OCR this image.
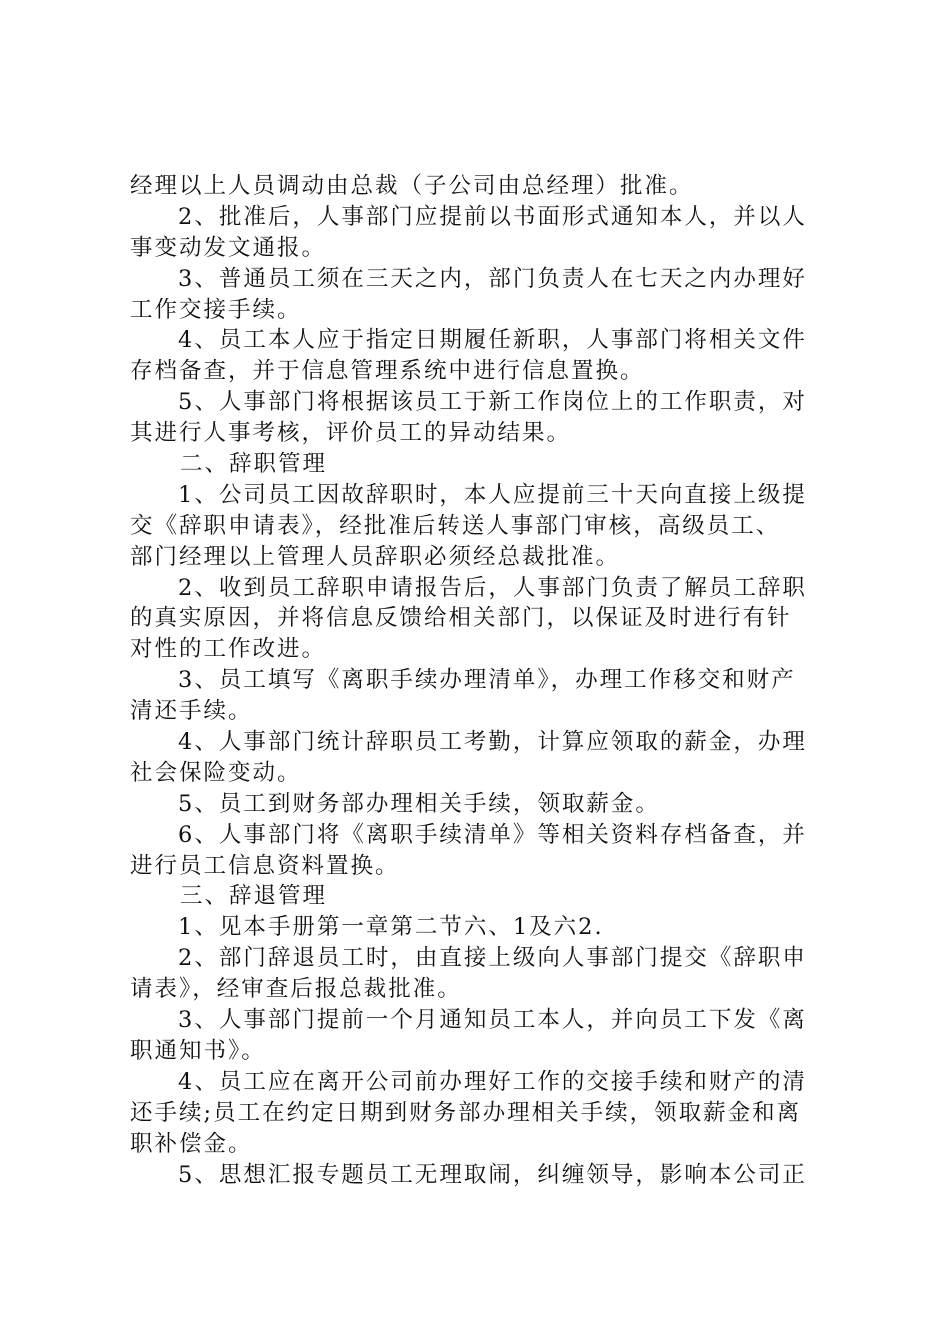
经理以上人员调动由总裁（子公司由总经理）批准。
2、批准后，人事部门应提前以书面形式通知本人，并以人
事变动发文通报。
3、普通员工须在三天之内，部门负责人在七天之内办理好
工作交接手续。
4、员工本人应于指定日期履任新职，人事部门将相关文件
存档备查，并于信息管理系统中进行信息置换。
5、人事部门将根据该员工于新工作岗位上的工作职责，对
其进行人事考核，评价员工的异动结果。
二、辞职管理
1、公司员工因故辞职时，本人应提前三十天向直接上级提
交《辞职申请表》，经批准后转送人事部门审核，高级员工、
部门经理以上管理人员辞职必须经总裁批准。
2、收到员工辞职申请报告后，人事部门负责了解员工辞职
的真实原因，并将信息反馈给相关部门，以保证及时进行有针
对性的工作改进。
3、员工填写《离职手续办理清单》，办理工作移交和财产
清还手续。
4、人事部门统计辞职员工考勤，计算应领取的薪金，办理
社会保险变动。
5、员工到财务部办理相关手续，领取薪金。
6、人事部门将《离职手续清单》等相关资料存档备查，并
进行员工信息资料置换。
三、辞退管理
1、见本手册第一章第二节六、1及六2.
2、部门辞退员工时，由直接上级向人事部门提交《辞职申
请表》，经审查后报总裁批准。
3、人事部门提前一个月通知员工本人，并向员工下发《离
职通知书》。
4、员工应在离开公司前办理好工作的交接手续和财产的清
还手续;员工在约定日期到财务部办理相关手续，领取薪金和离
职补偿金。
5、思想汇报专题员工无理取闹，纠缠领导，影响本公司正
